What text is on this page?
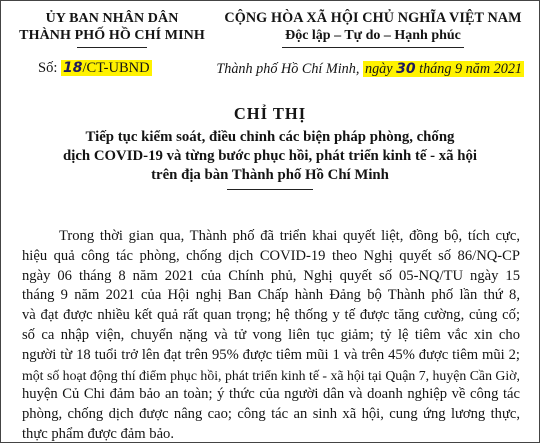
ỦY BAN NHÂN DÂN
THÀNH PHỐ HỒ CHÍ MINH
CỘNG HÒA XÃ HỘI CHỦ NGHĨA VIỆT NAM
Độc lập – Tự do – Hạnh phúc
Số: 18/CT-UBND	Thành phố Hồ Chí Minh, ngày 30 tháng 9 năm 2021
CHỈ THỊ
Tiếp tục kiểm soát, điều chỉnh các biện pháp phòng, chống
dịch COVID-19 và từng bước phục hồi, phát triển kinh tế - xã hội
trên địa bàn Thành phố Hồ Chí Minh
Trong thời gian qua, Thành phố đã triển khai quyết liệt, đồng bộ, tích cực,
hiệu quả công tác phòng, chống dịch COVID-19 theo Nghị quyết số 86/NQ-CP
ngày 06 tháng 8 năm 2021 của Chính phủ, Nghị quyết số 05-NQ/TU ngày 15
tháng 9 năm 2021 của Hội nghị Ban Chấp hành Đảng bộ Thành phố lần thứ 8,
và đạt được nhiều kết quả rất quan trọng; hệ thống y tế được tăng cường, củng cố;
số ca nhập viện, chuyển nặng và tử vong liên tục giảm; tỷ lệ tiêm vắc xin cho
người từ 18 tuổi trở lên đạt trên 95% được tiêm mũi 1 và trên 45% được tiêm mũi 2;
một số hoạt động thí điểm phục hồi, phát triển kinh tế - xã hội tại Quận 7, huyện Cần Giờ,
huyện Củ Chi đảm bảo an toàn; ý thức của người dân và doanh nghiệp về công tác
phòng, chống dịch được nâng cao; công tác an sinh xã hội, cung ứng lương thực,
thực phẩm được đảm bảo.
